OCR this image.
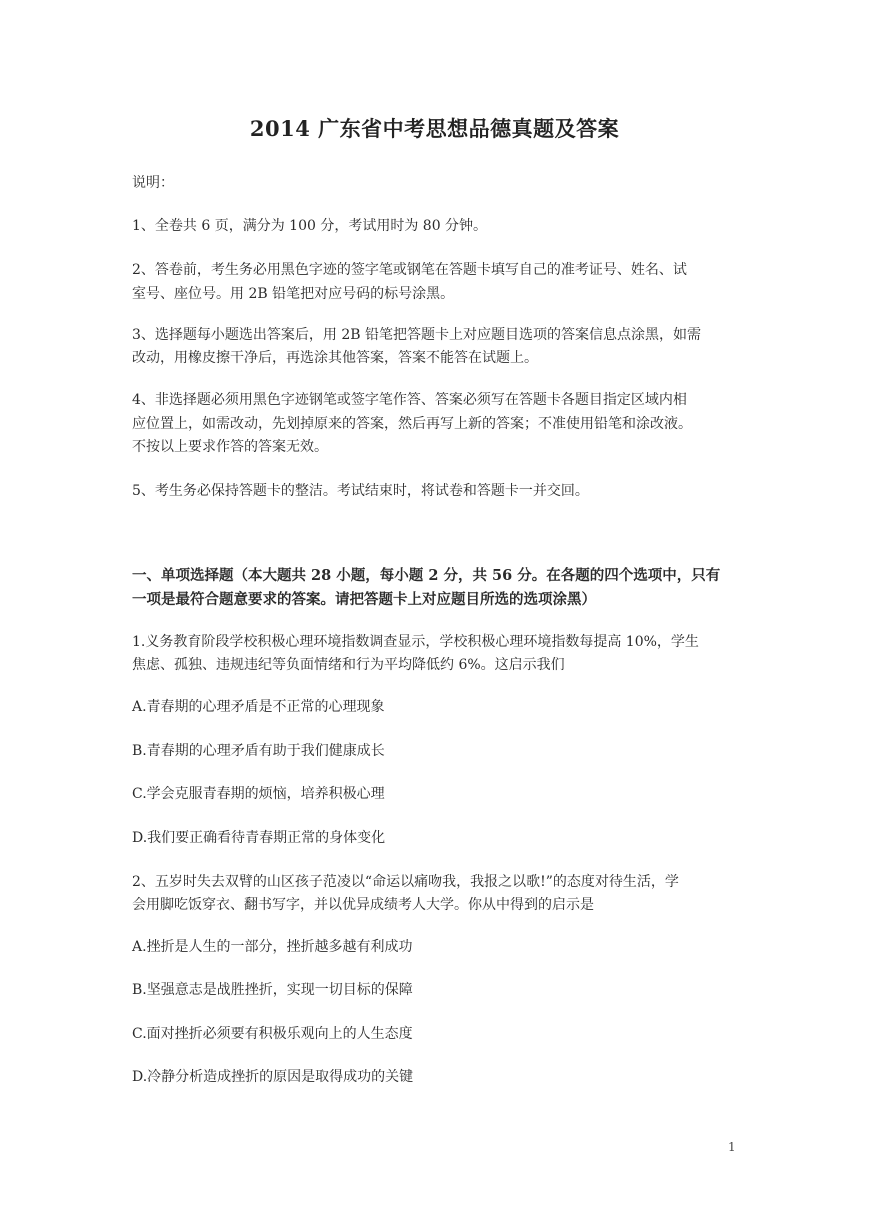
2014 广东省中考思想品德真题及答案
说明：
1、全卷共 6 页，满分为 100 分，考试用时为 80 分钟。
2、答卷前，考生务必用黑色字迹的签字笔或钢笔在答题卡填写自己的准考证号、姓名、试
室号、座位号。用 2B 铅笔把对应号码的标号涂黑。
3、选择题每小题选出答案后，用 2B 铅笔把答题卡上对应题目选项的答案信息点涂黑，如需
改动，用橡皮擦干净后，再选涂其他答案，答案不能答在试题上。
4、非选择题必须用黑色字迹钢笔或签字笔作答、答案必须写在答题卡各题目指定区域内相
应位置上，如需改动，先划掉原来的答案，然后再写上新的答案；不准使用铅笔和涂改液。
不按以上要求作答的答案无效。
5、考生务必保持答题卡的整洁。考试结束时，将试卷和答题卡一并交回。
一、单项选择题（本大题共 28 小题，每小题 2 分，共 56 分。在各题的四个选项中，只有
一项是最符合题意要求的答案。请把答题卡上对应题目所选的选项涂黑）
1.义务教育阶段学校积极心理环境指数调查显示，学校积极心理环境指数每提高 10%，学生
焦虑、孤独、违规违纪等负面情绪和行为平均降低约 6%。这启示我们
A.青春期的心理矛盾是不正常的心理现象
B.青春期的心理矛盾有助于我们健康成长
C.学会克服青春期的烦恼，培养积极心理
D.我们要正确看待青春期正常的身体变化
2、五岁时失去双臂的山区孩子范凌以“命运以痛吻我，我报之以歌!”的态度对待生活，学
会用脚吃饭穿衣、翻书写字，并以优异成绩考人大学。你从中得到的启示是
A.挫折是人生的一部分，挫折越多越有利成功
B.坚强意志是战胜挫折，实现一切目标的保障
C.面对挫折必须要有积极乐观向上的人生态度
D.冷静分析造成挫折的原因是取得成功的关键
1
